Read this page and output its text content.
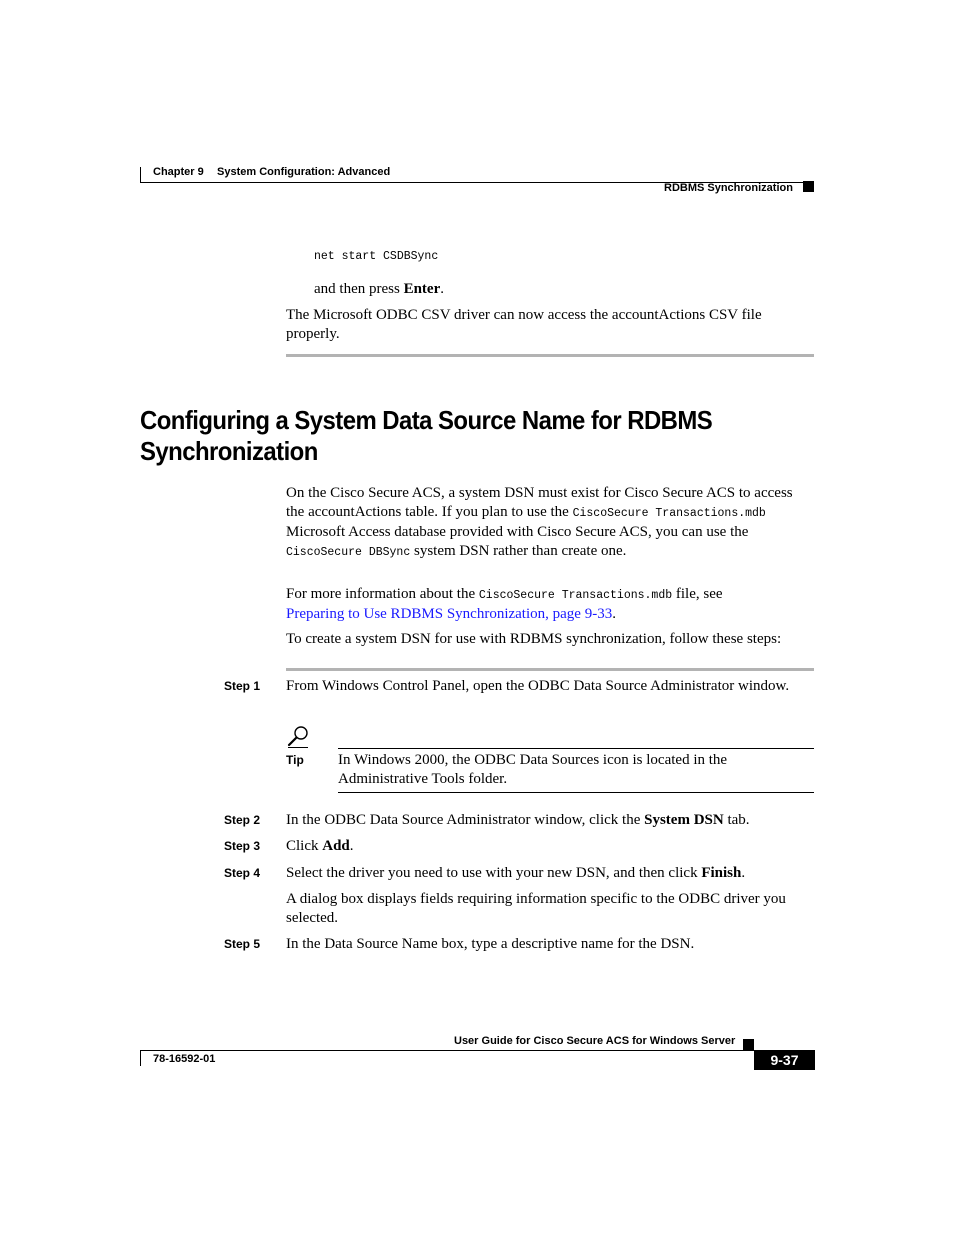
Chapter 9 System Configuration: Advanced
RDBMS Synchronization
net start CSDBSync
and then press Enter.
The Microsoft ODBC CSV driver can now access the accountActions CSV file properly.
Configuring a System Data Source Name for RDBMS
Synchronization
On the Cisco Secure ACS, a system DSN must exist for Cisco Secure ACS to access the accountActions table. If you plan to use the CiscoSecure Transactions.mdb Microsoft Access database provided with Cisco Secure ACS, you can use the CiscoSecure DBSync system DSN rather than create one.
For more information about the CiscoSecure Transactions.mdb file, see
Preparing to Use RDBMS Synchronization, page 9-33.
To create a system DSN for use with RDBMS synchronization, follow these steps:
Step 1 From Windows Control Panel, open the ODBC Data Source Administrator window.
Tip In Windows 2000, the ODBC Data Sources icon is located in the Administrative Tools folder.
Step 2 In the ODBC Data Source Administrator window, click the System DSN tab.
Step 3 Click Add.
Step 4 Select the driver you need to use with your new DSN, and then click Finish.
A dialog box displays fields requiring information specific to the ODBC driver you selected.
Step 5 In the Data Source Name box, type a descriptive name for the DSN.
User Guide for Cisco Secure ACS for Windows Server
78-16592-01	9-37
